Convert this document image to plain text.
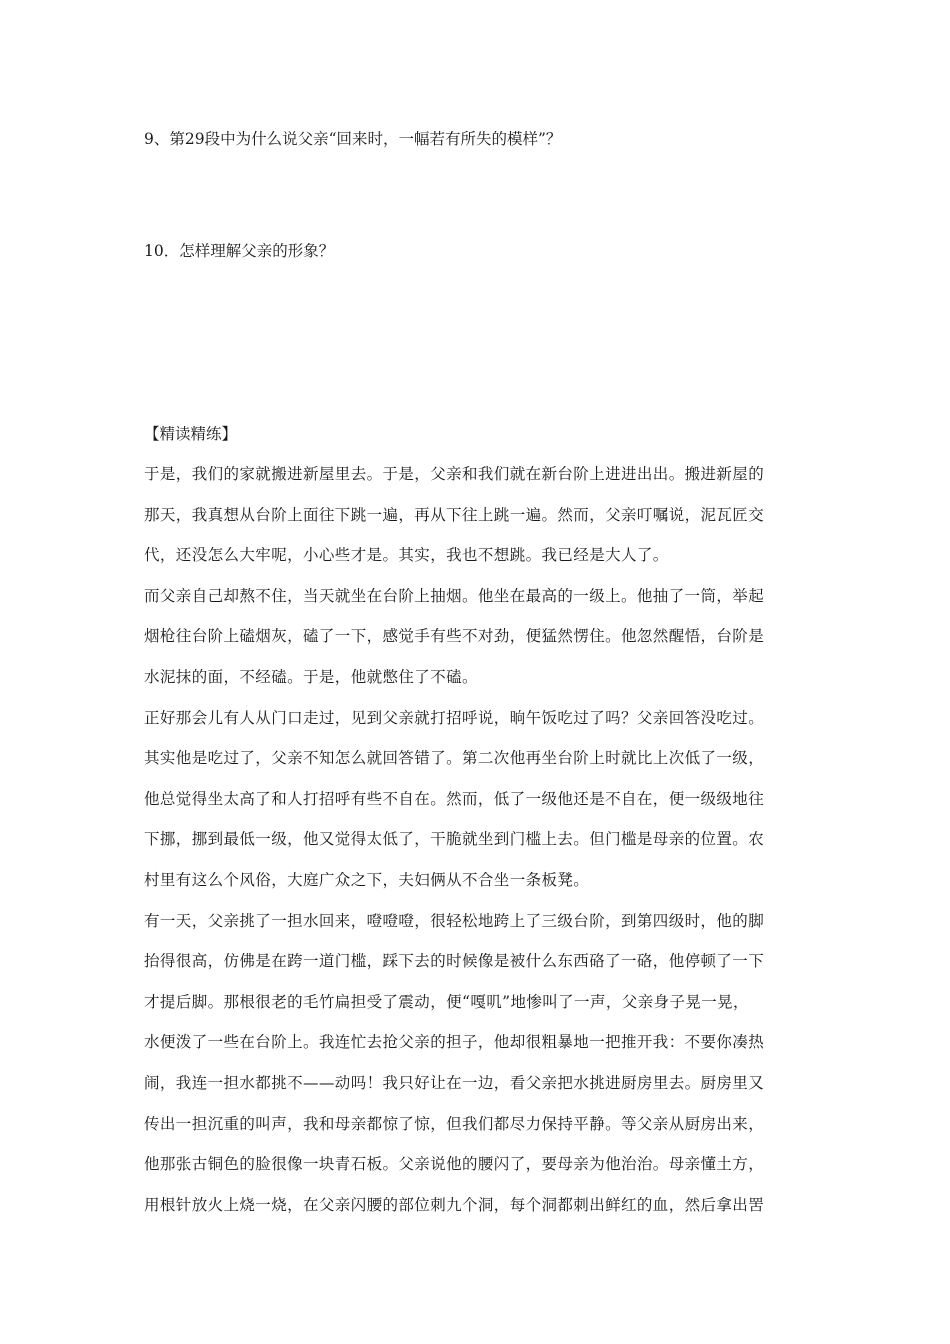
9、第29段中为什么说父亲“回来时，一幅若有所失的模样”？
10．怎样理解父亲的形象？
【精读精练】
于是，我们的家就搬进新屋里去。于是，父亲和我们就在新台阶上进进出出。搬进新屋的
那天，我真想从台阶上面往下跳一遍，再从下往上跳一遍。然而，父亲叮嘱说，泥瓦匠交
代，还没怎么大牢呢，小心些才是。其实，我也不想跳。我已经是大人了。
而父亲自己却熬不住，当天就坐在台阶上抽烟。他坐在最高的一级上。他抽了一筒，举起
烟枪往台阶上磕烟灰，磕了一下，感觉手有些不对劲，便猛然愣住。他忽然醒悟，台阶是
水泥抹的面，不经磕。于是，他就憋住了不磕。
正好那会儿有人从门口走过，见到父亲就打招呼说，晌午饭吃过了吗？父亲回答没吃过。
其实他是吃过了，父亲不知怎么就回答错了。第二次他再坐台阶上时就比上次低了一级，
他总觉得坐太高了和人打招呼有些不自在。然而，低了一级他还是不自在，便一级级地往
下挪，挪到最低一级，他又觉得太低了，干脆就坐到门槛上去。但门槛是母亲的位置。农
村里有这么个风俗，大庭广众之下，夫妇俩从不合坐一条板凳。
有一天，父亲挑了一担水回来，噔噔噔，很轻松地跨上了三级台阶，到第四级时，他的脚
抬得很高，仿佛是在跨一道门槛，踩下去的时候像是被什么东西硌了一硌，他停顿了一下
才提后脚。那根很老的毛竹扁担受了震动，便“嘎叽”地惨叫了一声，父亲身子晃一晃，
水便泼了一些在台阶上。我连忙去抢父亲的担子，他却很粗暴地一把推开我：不要你凑热
闹，我连一担水都挑不——动吗！我只好让在一边，看父亲把水挑进厨房里去。厨房里又
传出一担沉重的叫声，我和母亲都惊了惊，但我们都尽力保持平静。等父亲从厨房出来，
他那张古铜色的脸很像一块青石板。父亲说他的腰闪了，要母亲为他治治。母亲懂土方，
用根针放火上烧一烧，在父亲闪腰的部位刺九个洞，每个洞都刺出鲜红的血，然后拿出罟
